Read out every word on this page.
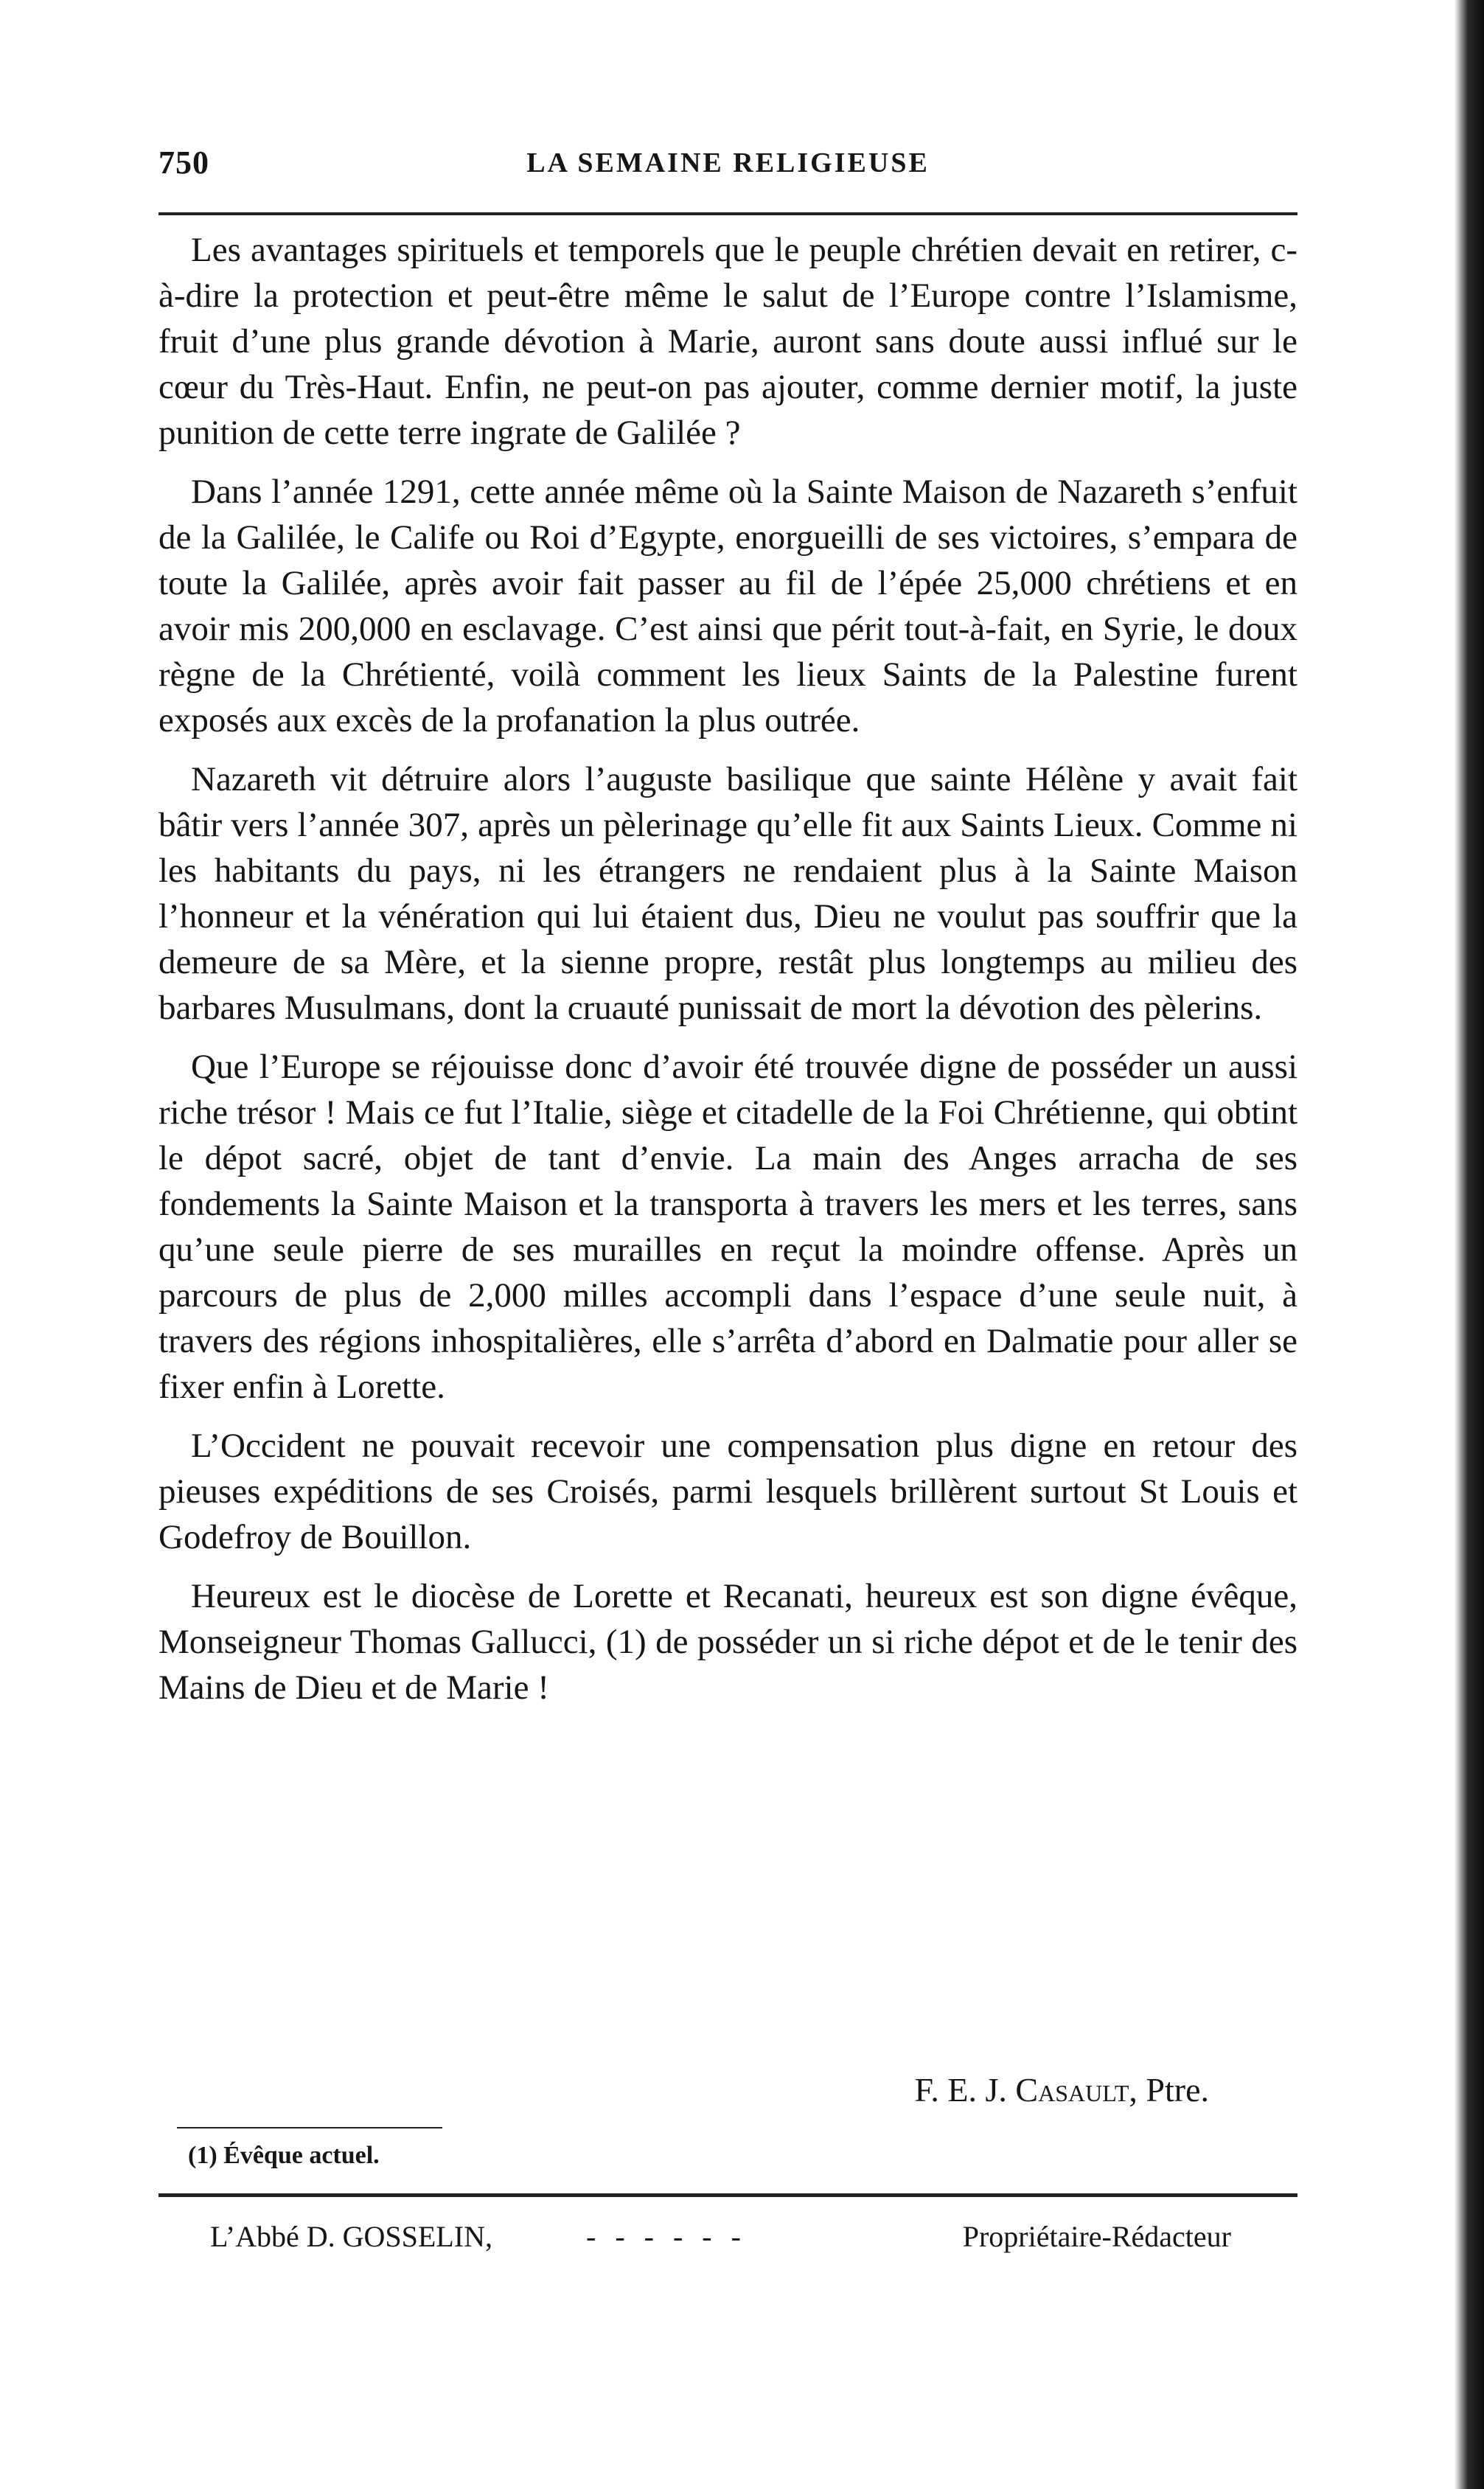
750	LA SEMAINE RELIGIEUSE

Les avantages spirituels et temporels que le peuple chrétien devait en retirer, c-à-dire la protection et peut-être même le salut de l’Europe contre l’Islamisme, fruit d’une plus grande dévotion à Marie, auront sans doute aussi influé sur le cœur du Très-Haut. Enfin, ne peut-on pas ajouter, comme dernier motif, la juste punition de cette terre ingrate de Galilée ?

Dans l’année 1291, cette année même où la Sainte Maison de Nazareth s’enfuit de la Galilée, le Calife ou Roi d’Egypte, enorgueilli de ses victoires, s’empara de toute la Galilée, après avoir fait passer au fil de l’épée 25,000 chrétiens et en avoir mis 200,000 en esclavage. C’est ainsi que périt tout-à-fait, en Syrie, le doux règne de la Chrétienté, voilà comment les lieux Saints de la Palestine furent exposés aux excès de la profanation la plus outrée.

Nazareth vit détruire alors l’auguste basilique que sainte Hélène y avait fait bâtir vers l’année 307, après un pèlerinage qu’elle fit aux Saints Lieux. Comme ni les habitants du pays, ni les étrangers ne rendaient plus à la Sainte Maison l’honneur et la vénération qui lui étaient dus, Dieu ne voulut pas souffrir que la demeure de sa Mère, et la sienne propre, restât plus longtemps au milieu des barbares Musulmans, dont la cruauté punissait de mort la dévotion des pèlerins.

Que l’Europe se réjouisse donc d’avoir été trouvée digne de posséder un aussi riche trésor ! Mais ce fut l’Italie, siège et citadelle de la Foi Chrétienne, qui obtint le dépot sacré, objet de tant d’envie. La main des Anges arracha de ses fondements la Sainte Maison et la transporta à travers les mers et les terres, sans qu’une seule pierre de ses murailles en reçut la moindre offense. Après un parcours de plus de 2,000 milles accompli dans l’espace d’une seule nuit, à travers des régions inhospitalières, elle s’arrêta d’abord en Dalmatie pour aller se fixer enfin à Lorette.

L’Occident ne pouvait recevoir une compensation plus digne en retour des pieuses expéditions de ses Croisés, parmi lesquels brillèrent surtout St Louis et Godefroy de Bouillon.

Heureux est le diocèse de Lorette et Recanati, heureux est son digne évêque, Monseigneur Thomas Gallucci, (1) de posséder un si riche dépot et de le tenir des Mains de Dieu et de Marie !

F. E. J. Casault, Ptre.
(1) Évêque actuel.
L’Abbé D. GOSSELIN,	- - - - - -	Propriétaire-Rédacteur
